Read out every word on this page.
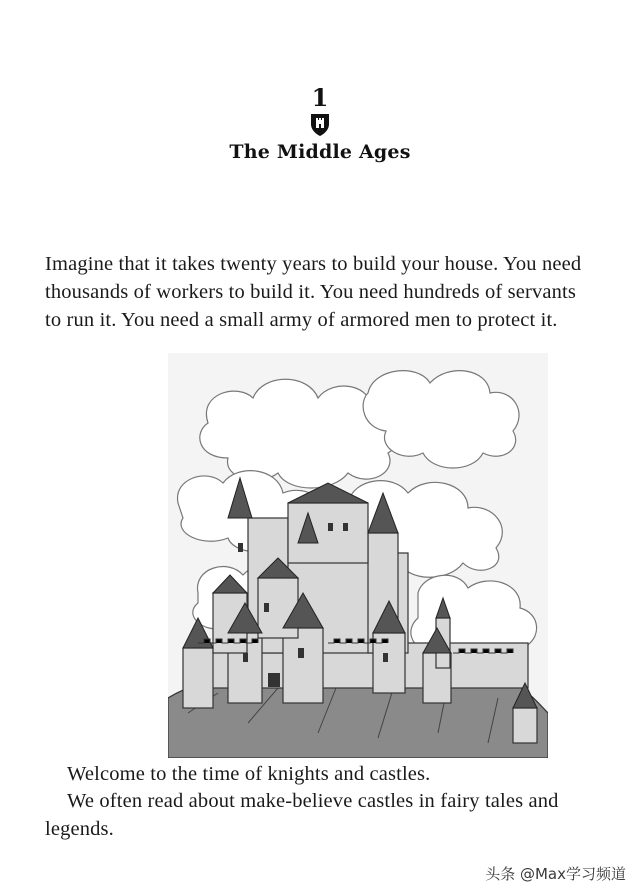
1
The Middle Ages

Imagine that it takes twenty years to build your house. You need thousands of workers to build it. You need hundreds of servants to run it. You need a small army of armored men to protect it.

Welcome to the time of knights and castles.

We often read about make-believe castles in fairy tales and legends.

头条 @Max学习频道
